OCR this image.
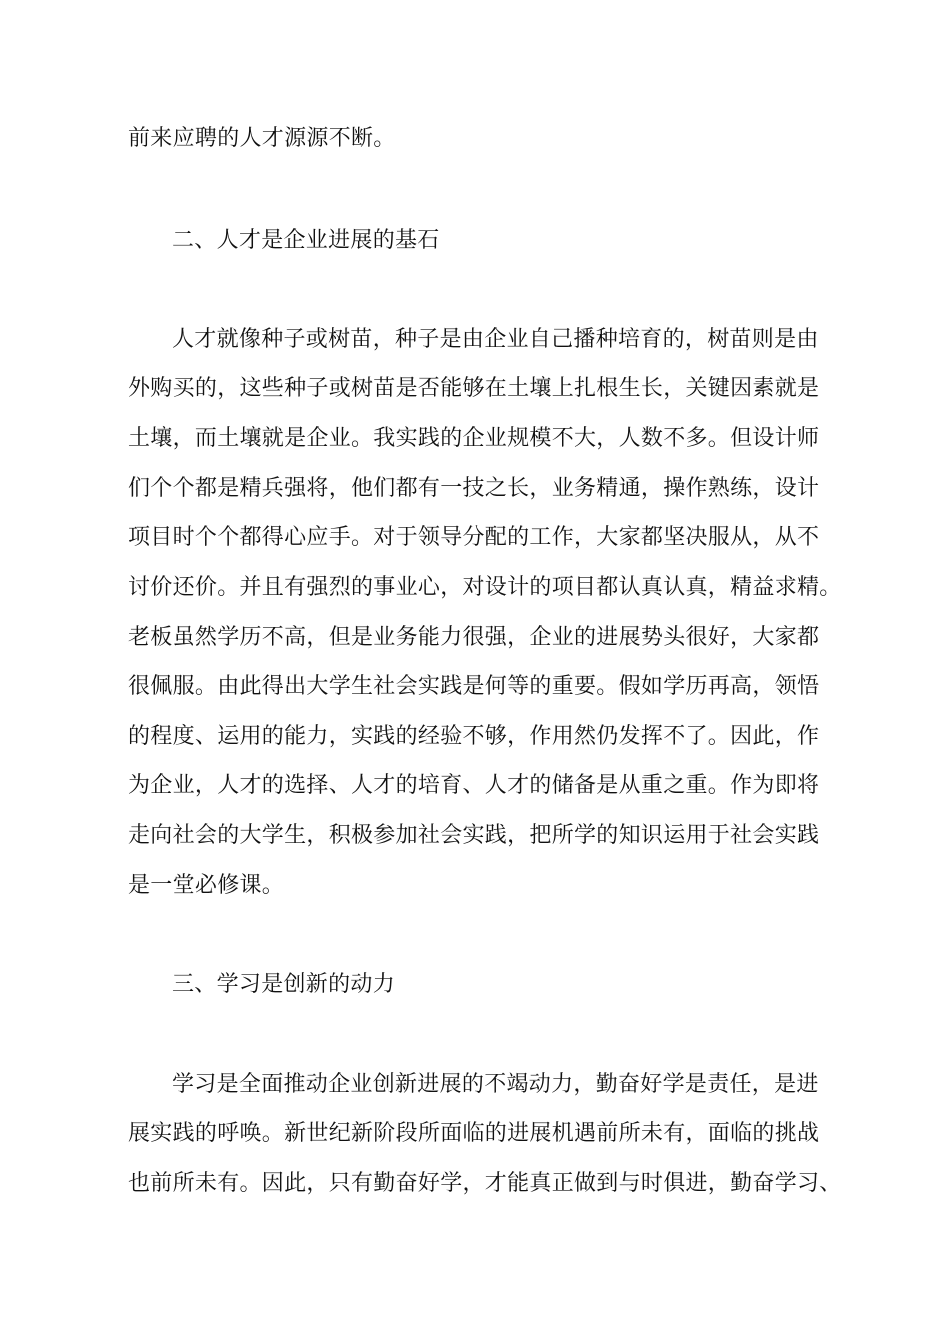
前来应聘的人才源源不断。
二、人才是企业进展的基石
人才就像种子或树苗，种子是由企业自己播种培育的，树苗则是由
外购买的，这些种子或树苗是否能够在土壤上扎根生长，关键因素就是
土壤，而土壤就是企业。我实践的企业规模不大，人数不多。但设计师
们个个都是精兵强将，他们都有一技之长，业务精通，操作熟练，设计
项目时个个都得心应手。对于领导分配的工作，大家都坚决服从，从不
讨价还价。并且有强烈的事业心，对设计的项目都认真认真，精益求精。
老板虽然学历不高，但是业务能力很强，企业的进展势头很好，大家都
很佩服。由此得出大学生社会实践是何等的重要。假如学历再高，领悟
的程度、运用的能力，实践的经验不够，作用然仍发挥不了。因此，作
为企业，人才的选择、人才的培育、人才的储备是从重之重。作为即将
走向社会的大学生，积极参加社会实践，把所学的知识运用于社会实践
是一堂必修课。
三、学习是创新的动力
学习是全面推动企业创新进展的不竭动力，勤奋好学是责任，是进
展实践的呼唤。新世纪新阶段所面临的进展机遇前所未有，面临的挑战
也前所未有。因此，只有勤奋好学，才能真正做到与时俱进，勤奋学习、
